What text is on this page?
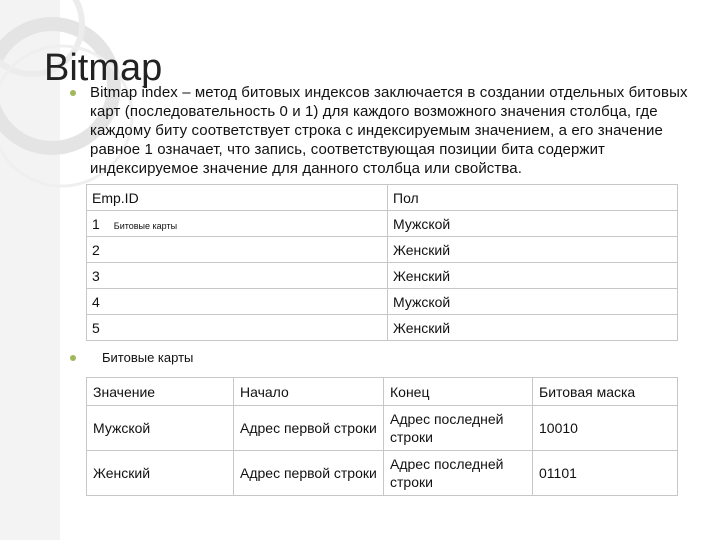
Bitmap
Bitmap index – метод битовых индексов заключается в создании отдельных битовых карт (последовательность 0 и 1) для каждого возможного значения столбца, где каждому биту соответствует строка с индексируемым значением, а его значение равное 1 означает, что запись, соответствующая позиции бита содержит индексируемое значение для данного столбца или свойства.
Emp.ID	Пол
1 Битовые карты	Мужской
2	Женский
3	Женский
4	Мужской
5	Женский
Битовые карты
Значение	Начало	Конец	Битовая маска
Мужской	Адрес первой строки	Адрес последней строки	10010
Женский	Адрес первой строки	Адрес последней строки	01101
